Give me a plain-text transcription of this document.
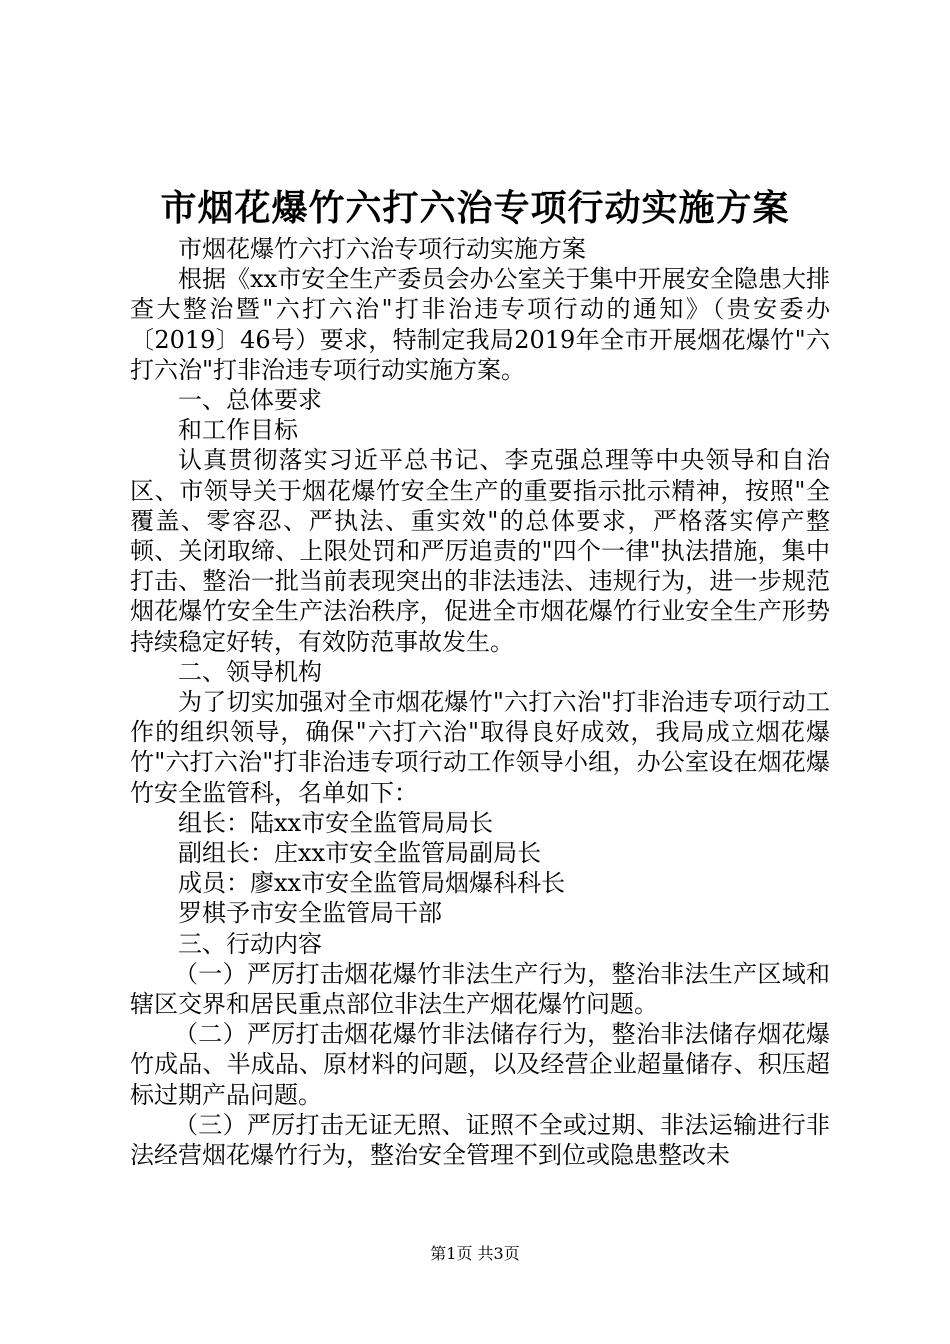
市烟花爆竹六打六治专项行动实施方案

市烟花爆竹六打六治专项行动实施方案

根据《xx市安全生产委员会办公室关于集中开展安全隐患大排查大整治暨"六打六治"打非治违专项行动的通知》（贵安委办〔2019〕46号）要求，特制定我局2019年全市开展烟花爆竹"六打六治"打非治违专项行动实施方案。

一、总体要求

和工作目标

认真贯彻落实习近平总书记、李克强总理等中央领导和自治区、市领导关于烟花爆竹安全生产的重要指示批示精神，按照"全覆盖、零容忍、严执法、重实效"的总体要求，严格落实停产整顿、关闭取缔、上限处罚和严厉追责的"四个一律"执法措施，集中打击、整治一批当前表现突出的非法违法、违规行为，进一步规范烟花爆竹安全生产法治秩序，促进全市烟花爆竹行业安全生产形势持续稳定好转，有效防范事故发生。

二、领导机构

为了切实加强对全市烟花爆竹"六打六治"打非治违专项行动工作的组织领导，确保"六打六治"取得良好成效，我局成立烟花爆竹"六打六治"打非治违专项行动工作领导小组，办公室设在烟花爆竹安全监管科，名单如下：

组长：陆xx市安全监管局局长

副组长：庄xx市安全监管局副局长

成员：廖xx市安全监管局烟爆科科长

罗棋予市安全监管局干部

三、行动内容

（一）严厉打击烟花爆竹非法生产行为，整治非法生产区域和辖区交界和居民重点部位非法生产烟花爆竹问题。

（二）严厉打击烟花爆竹非法储存行为，整治非法储存烟花爆竹成品、半成品、原材料的问题，以及经营企业超量储存、积压超标过期产品问题。

（三）严厉打击无证无照、证照不全或过期、非法运输进行非法经营烟花爆竹行为，整治安全管理不到位或隐患整改未

第1页 共3页
